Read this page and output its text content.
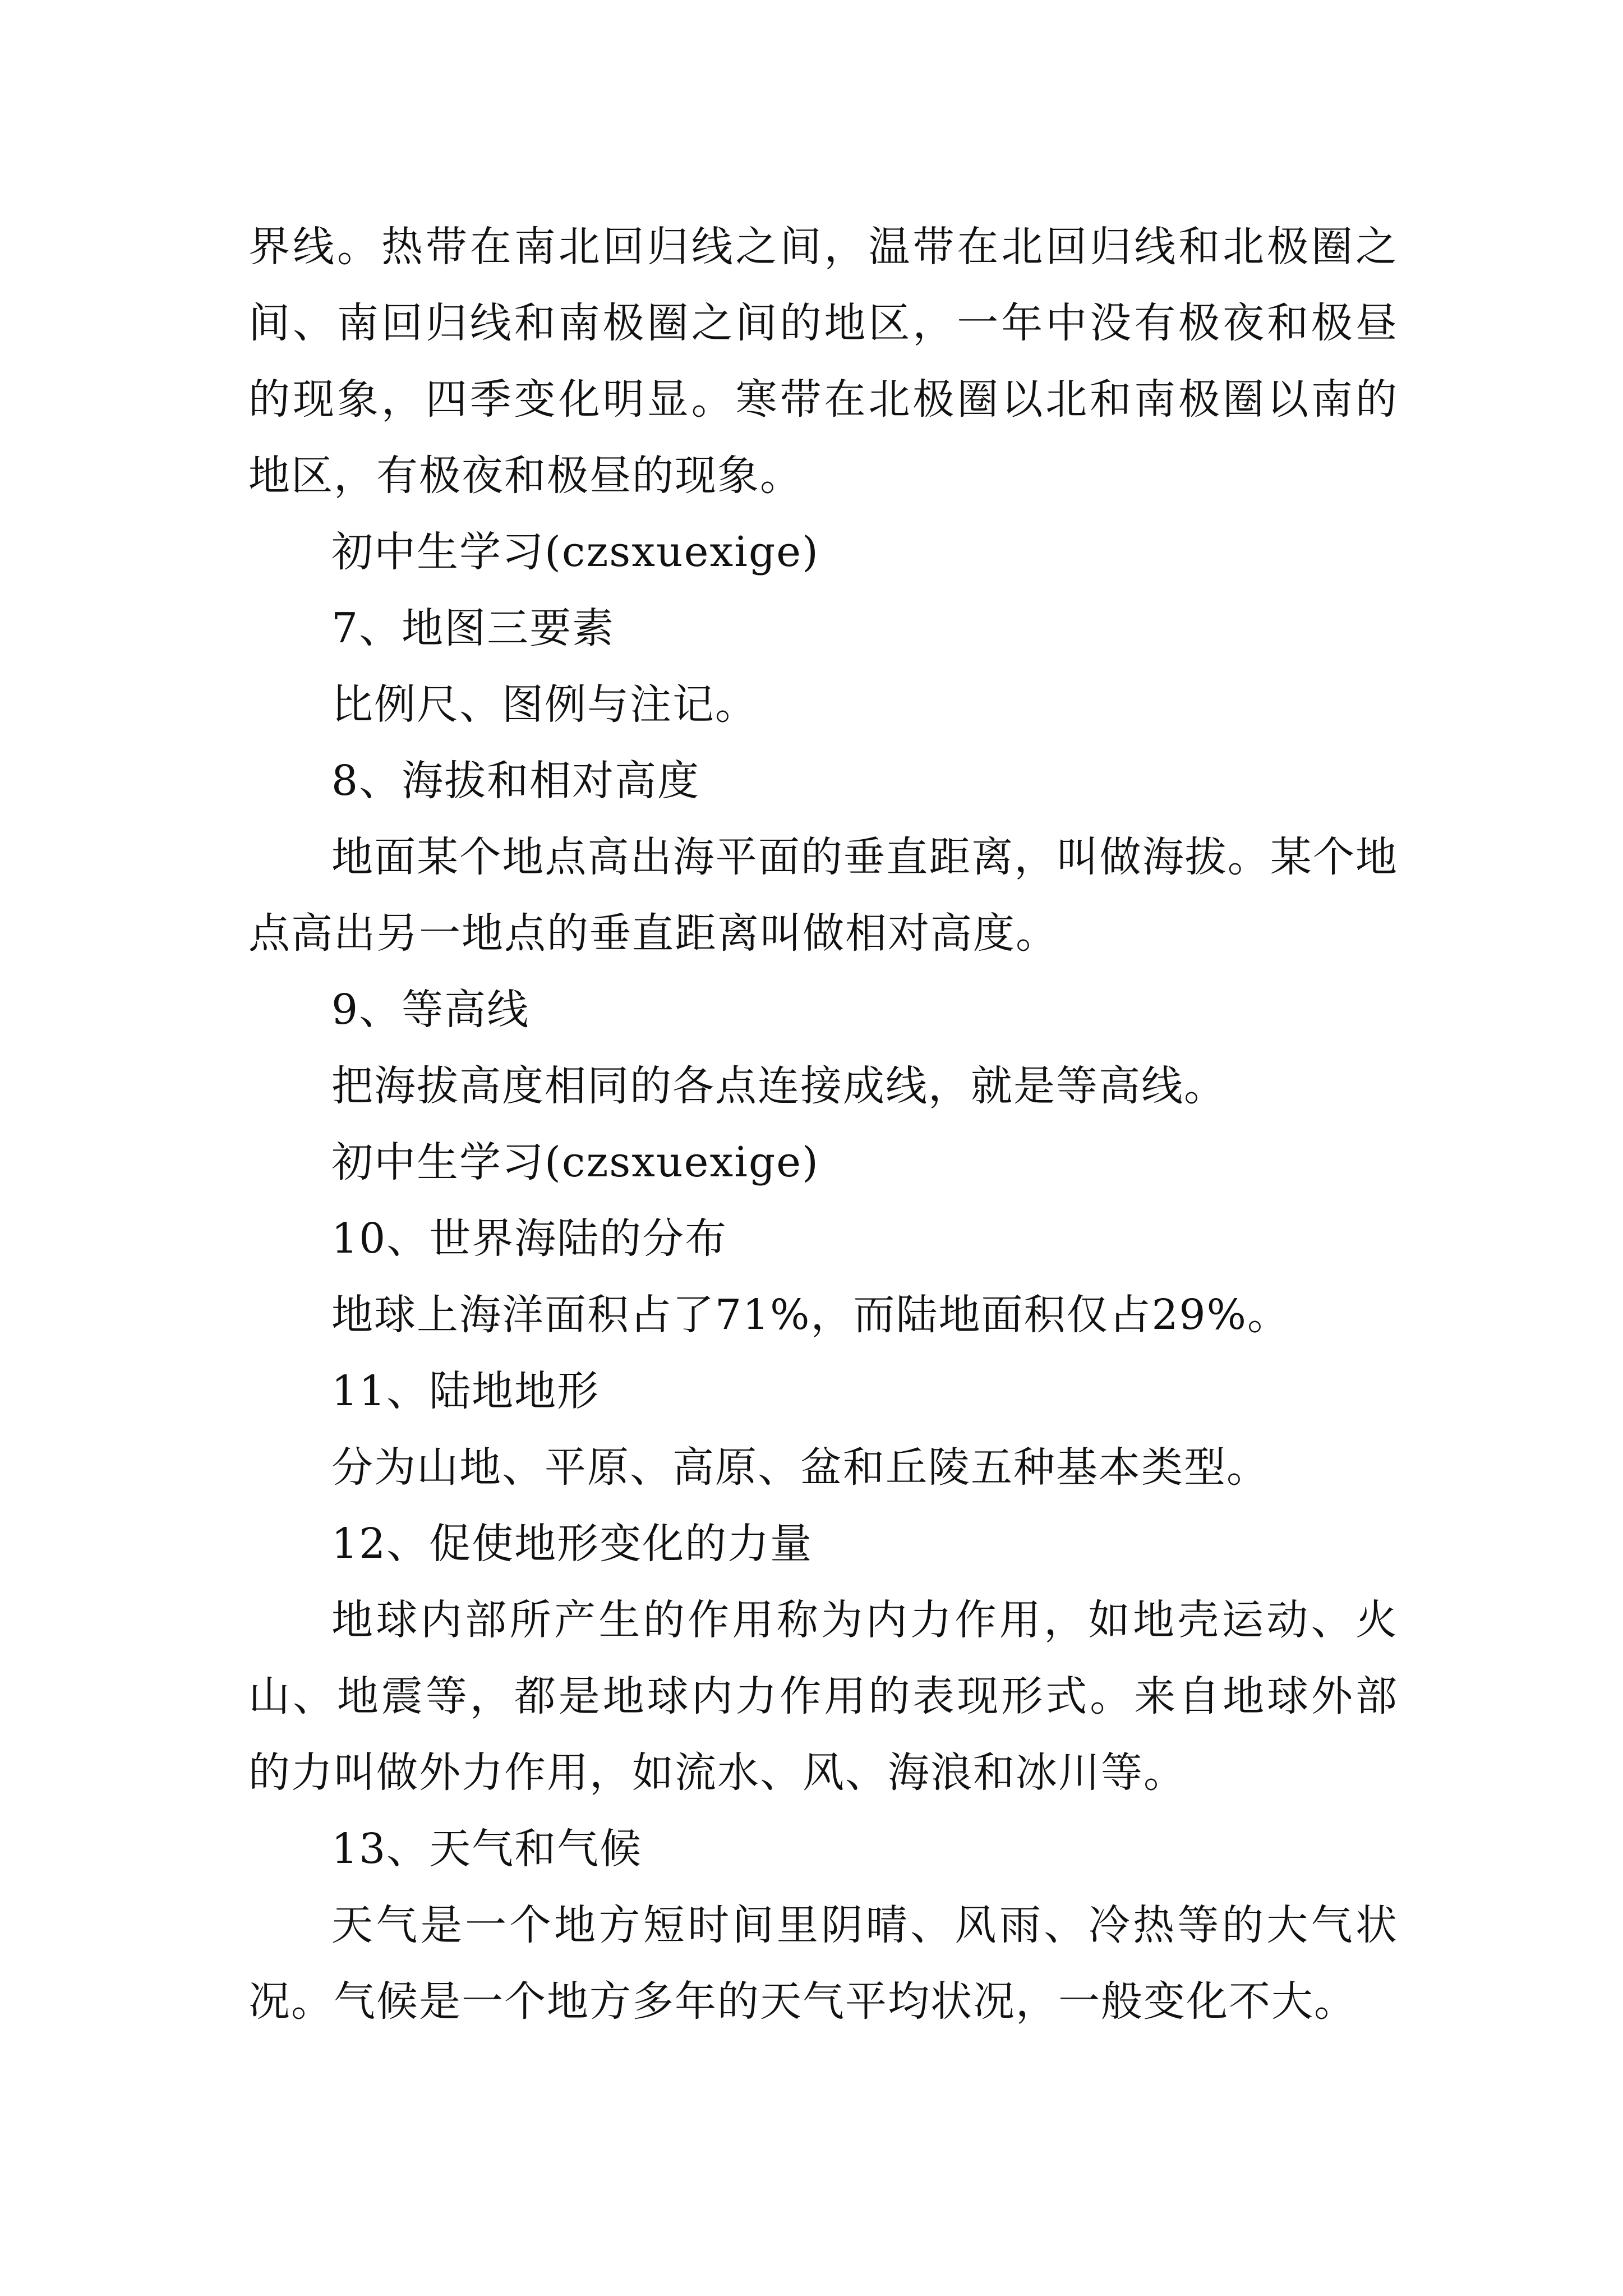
界线。热带在南北回归线之间，温带在北回归线和北极圈之间、南回归线和南极圈之间的地区，一年中没有极夜和极昼的现象，四季变化明显。寒带在北极圈以北和南极圈以南的地区，有极夜和极昼的现象。

初中生学习(czsxuexige)

7、地图三要素

比例尺、图例与注记。

8、海拔和相对高度

地面某个地点高出海平面的垂直距离，叫做海拔。某个地点高出另一地点的垂直距离叫做相对高度。

9、等高线

把海拔高度相同的各点连接成线，就是等高线。

初中生学习(czsxuexige)

10、世界海陆的分布

地球上海洋面积占了71%，而陆地面积仅占29%。

11、陆地地形

分为山地、平原、高原、盆和丘陵五种基本类型。

12、促使地形变化的力量

地球内部所产生的作用称为内力作用，如地壳运动、火山、地震等，都是地球内力作用的表现形式。来自地球外部的力叫做外力作用，如流水、风、海浪和冰川等。

13、天气和气候

天气是一个地方短时间里阴晴、风雨、冷热等的大气状况。气候是一个地方多年的天气平均状况，一般变化不大。
